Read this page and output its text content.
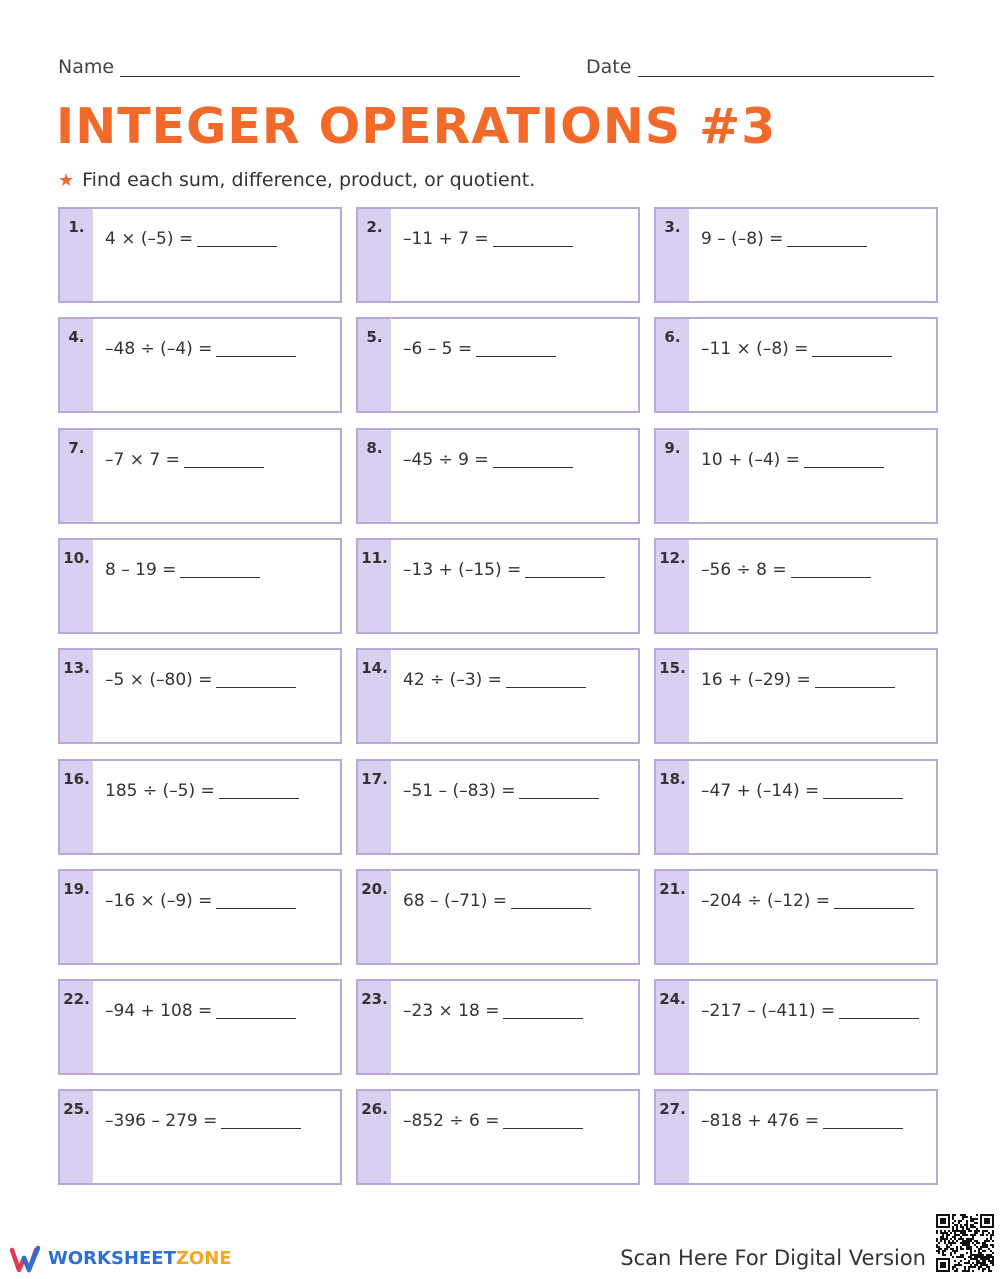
Name	Date
INTEGER OPERATIONS #3
★ Find each sum, difference, product, or quotient.
1.
4 × (–5) =
2.
–11 + 7 =
3.
9 – (–8) =
4.
–48 ÷ (–4) =
5.
–6 – 5 =
6.
–11 × (–8) =
7.
–7 × 7 =
8.
–45 ÷ 9 =
9.
10 + (–4) =
10.
8 – 19 =
11.
–13 + (–15) =
12.
–56 ÷ 8 =
13.
–5 × (–80) =
14.
42 ÷ (–3) =
15.
16 + (–29) =
16.
185 ÷ (–5) =
17.
–51 – (–83) =
18.
–47 + (–14) =
19.
–16 × (–9) =
20.
68 – (–71) =
21.
–204 ÷ (–12) =
22.
–94 + 108 =
23.
–23 × 18 =
24.
–217 – (–411) =
25.
–396 – 279 =
26.
–852 ÷ 6 =
27.
–818 + 476 =
WORKSHEETZONE	Scan Here For Digital Version
